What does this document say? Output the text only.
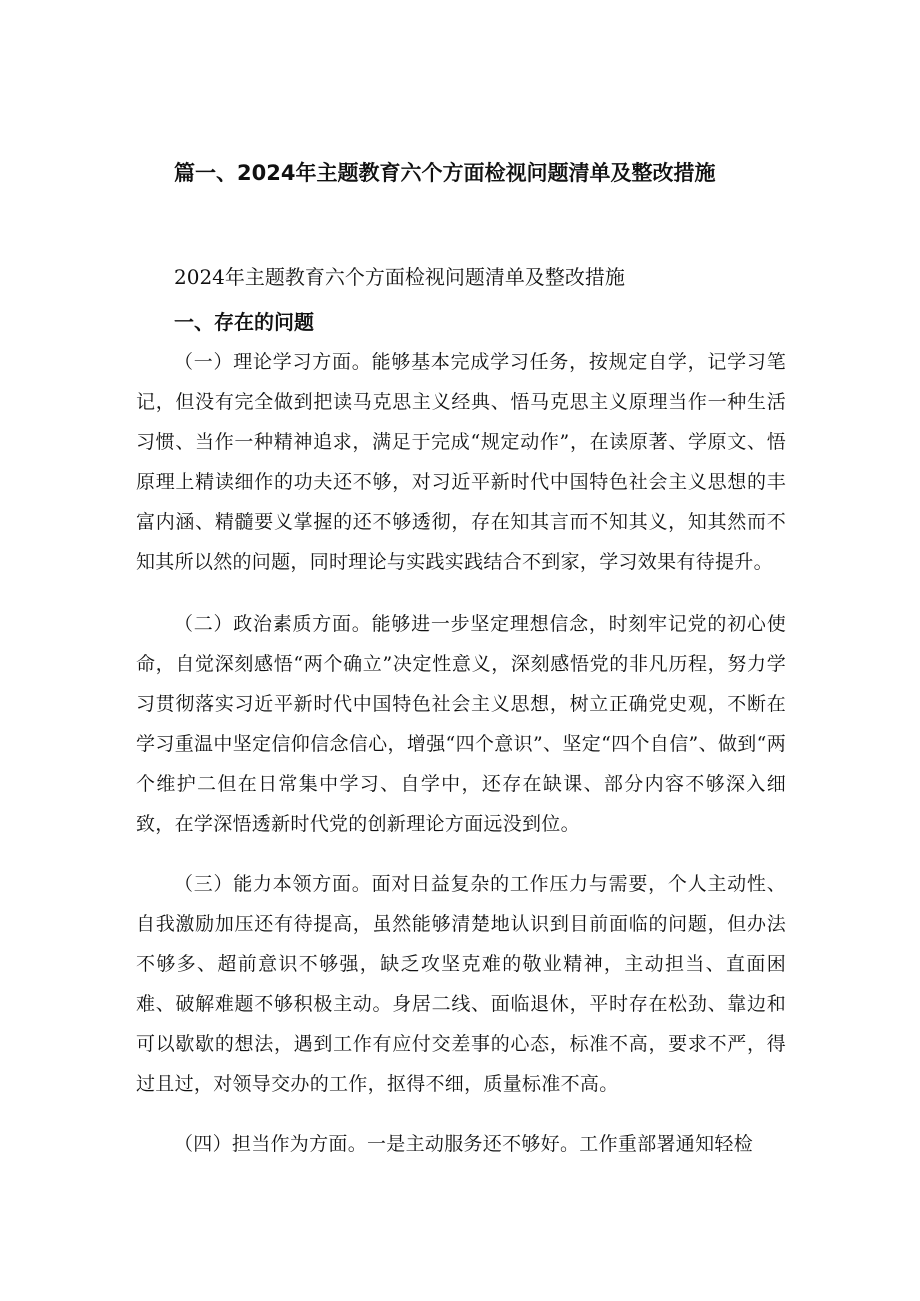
篇一、2024年主题教育六个方面检视问题清单及整改措施

2024年主题教育六个方面检视问题清单及整改措施

一、存在的问题

（一）理论学习方面。能够基本完成学习任务，按规定自学，记学习笔记，但没有完全做到把读马克思主义经典、悟马克思主义原理当作一种生活习惯、当作一种精神追求，满足于完成“规定动作”，在读原著、学原文、悟原理上精读细作的功夫还不够，对习近平新时代中国特色社会主义思想的丰富内涵、精髓要义掌握的还不够透彻，存在知其言而不知其义，知其然而不知其所以然的问题，同时理论与实践实践结合不到家，学习效果有待提升。

（二）政治素质方面。能够进一步坚定理想信念，时刻牢记党的初心使命，自觉深刻感悟“两个确立”决定性意义，深刻感悟党的非凡历程，努力学习贯彻落实习近平新时代中国特色社会主义思想，树立正确党史观，不断在学习重温中坚定信仰信念信心，增强“四个意识”、坚定“四个自信”、做到“两个维护二但在日常集中学习、自学中，还存在缺课、部分内容不够深入细致，在学深悟透新时代党的创新理论方面远没到位。

（三）能力本领方面。面对日益复杂的工作压力与需要，个人主动性、自我激励加压还有待提高，虽然能够清楚地认识到目前面临的问题，但办法不够多、超前意识不够强，缺乏攻坚克难的敬业精神，主动担当、直面困难、破解难题不够积极主动。身居二线、面临退休，平时存在松劲、靠边和可以歇歇的想法，遇到工作有应付交差事的心态，标准不高，要求不严，得过且过，对领导交办的工作，抠得不细，质量标准不高。

（四）担当作为方面。一是主动服务还不够好。工作重部署通知轻检
